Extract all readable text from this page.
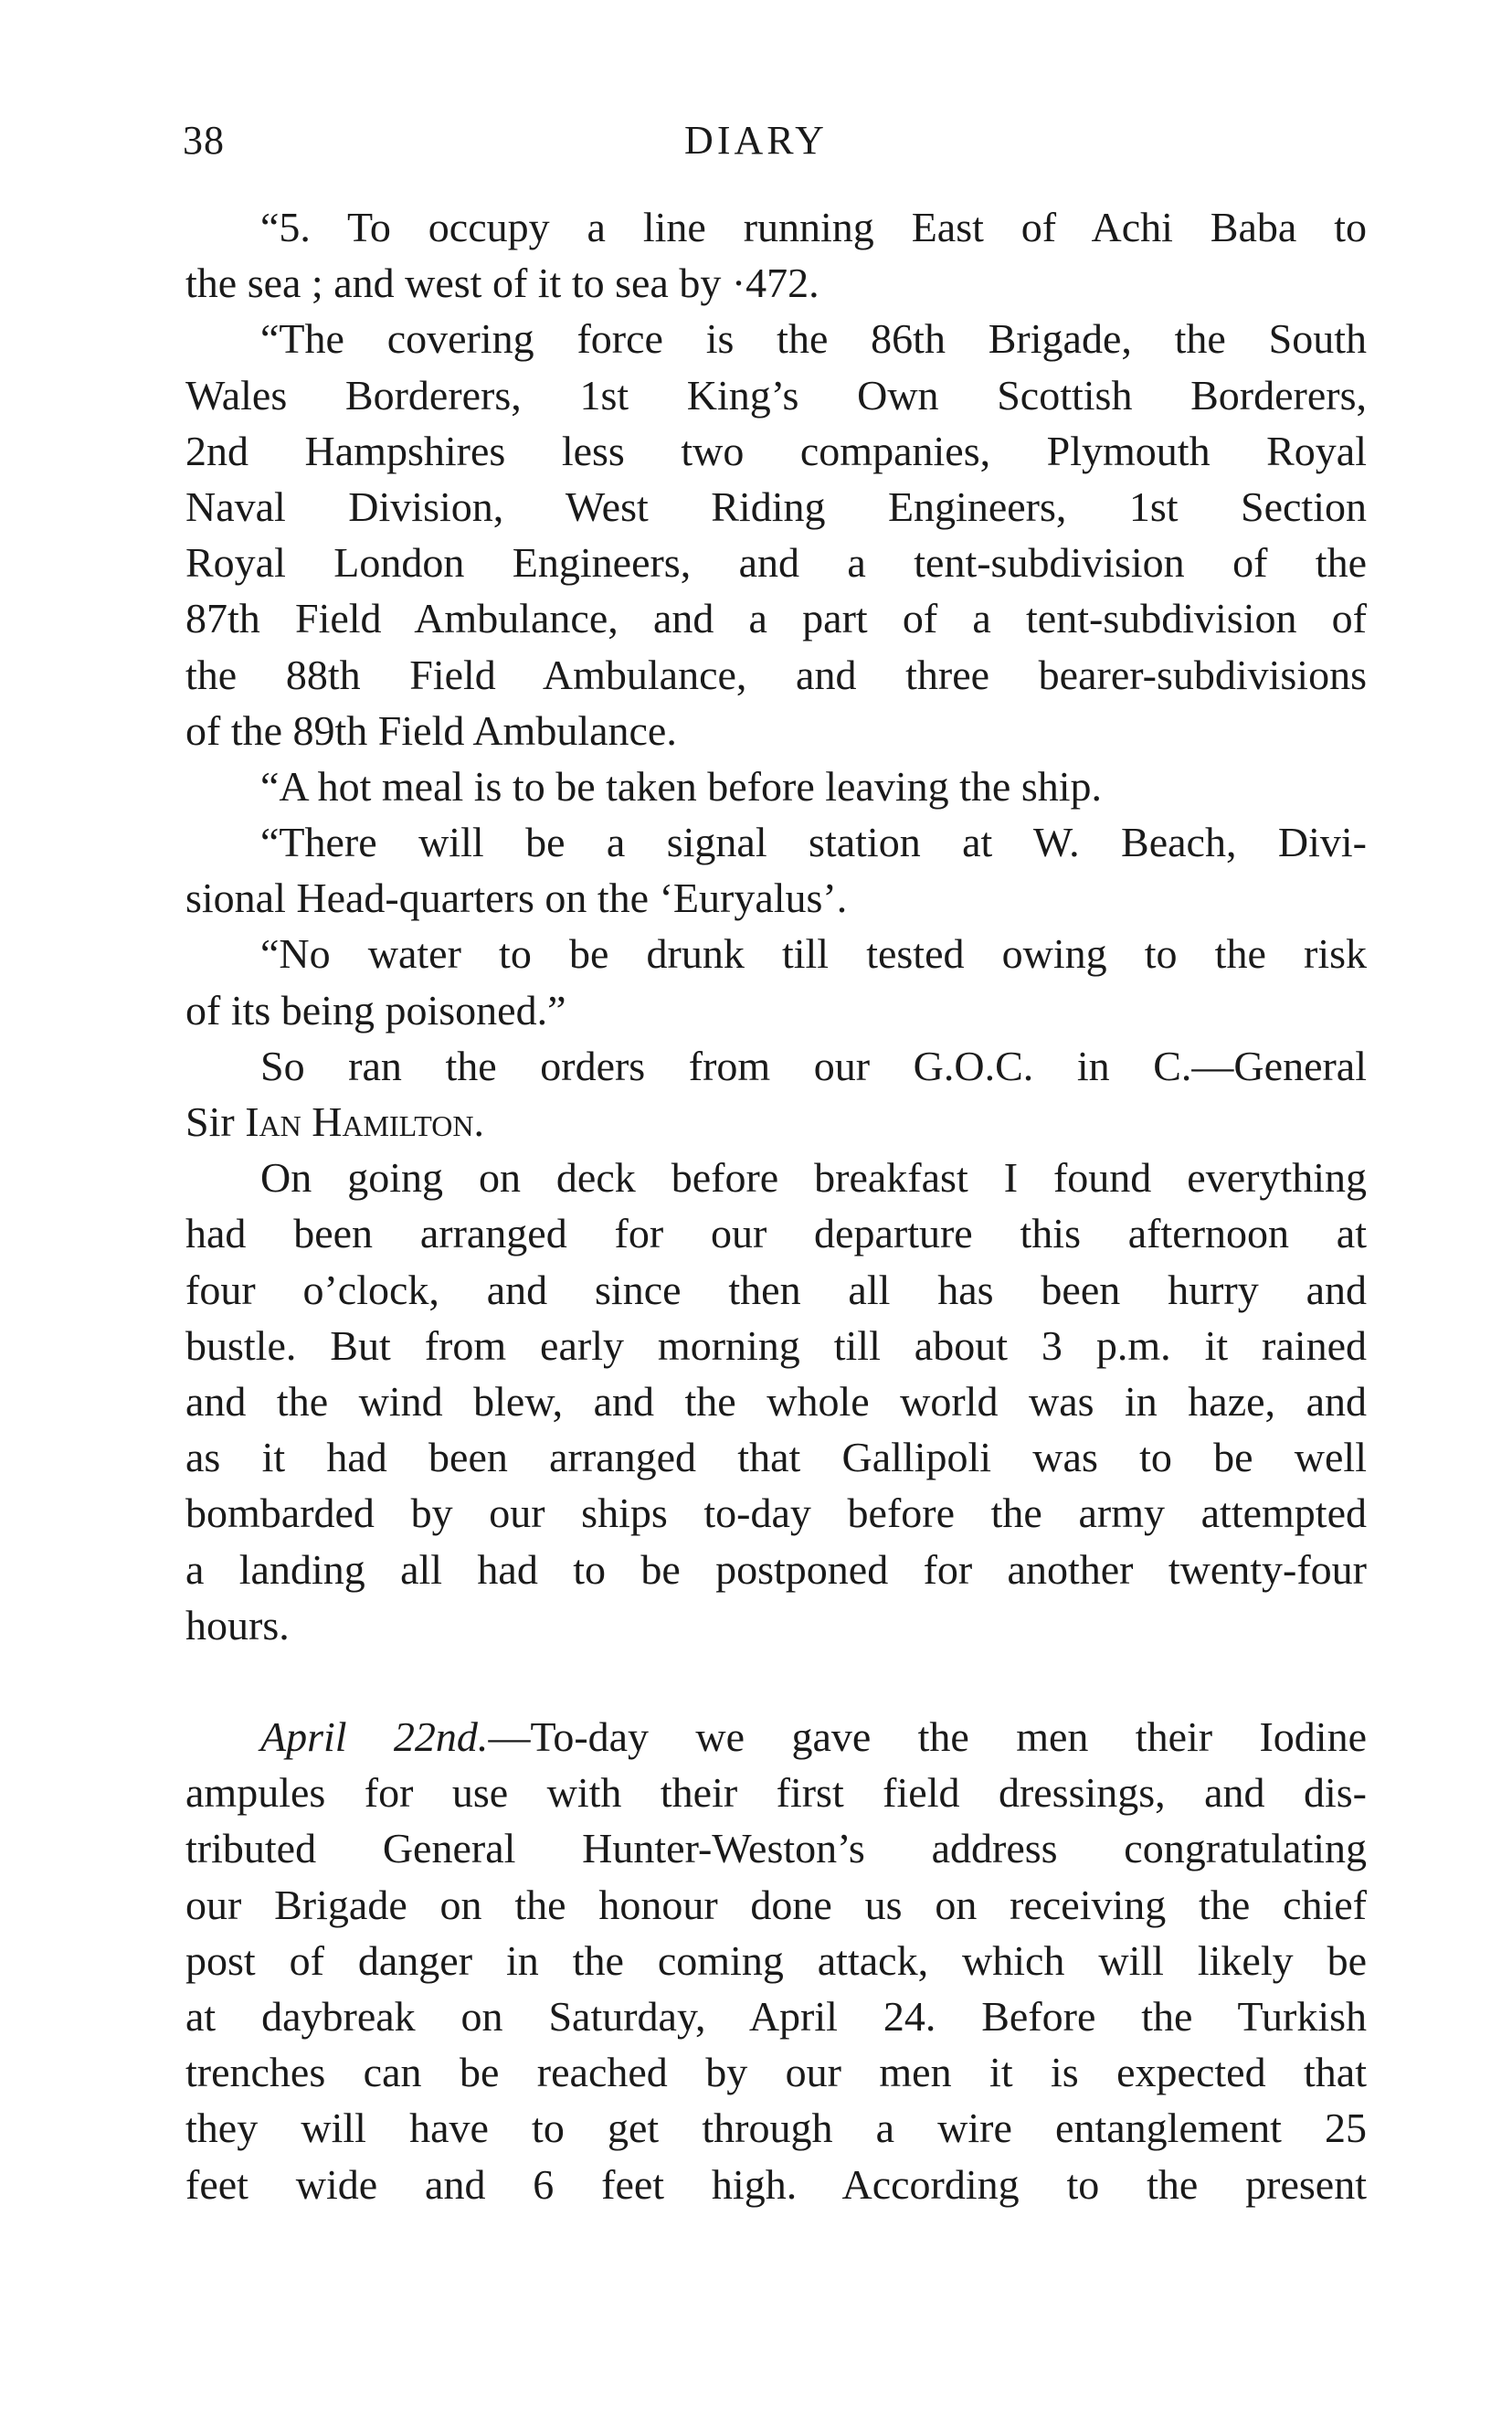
38	DIARY
“5. To occupy a line running East of Achi Baba to
the sea ; and west of it to sea by ·472.
“The covering force is the 86th Brigade, the South
Wales Borderers, 1st King’s Own Scottish Borderers,
2nd Hampshires less two companies, Plymouth Royal
Naval Division, West Riding Engineers, 1st Section
Royal London Engineers, and a tent-subdivision of the
87th Field Ambulance, and a part of a tent-subdivision of
the 88th Field Ambulance, and three bearer-subdivisions
of the 89th Field Ambulance.
“A hot meal is to be taken before leaving the ship.
“There will be a signal station at W. Beach, Divi-
sional Head-quarters on the ‘Euryalus’.
“No water to be drunk till tested owing to the risk
of its being poisoned.”
So ran the orders from our G.O.C. in C.—General
Sir Ian Hamilton.
On going on deck before breakfast I found everything
had been arranged for our departure this afternoon at
four o’clock, and since then all has been hurry and
bustle. But from early morning till about 3 p.m. it rained
and the wind blew, and the whole world was in haze, and
as it had been arranged that Gallipoli was to be well
bombarded by our ships to-day before the army attempted
a landing all had to be postponed for another twenty-four
hours.
April 22nd.—To-day we gave the men their Iodine
ampules for use with their first field dressings, and dis-
tributed General Hunter-Weston’s address congratulating
our Brigade on the honour done us on receiving the chief
post of danger in the coming attack, which will likely be
at daybreak on Saturday, April 24. Before the Turkish
trenches can be reached by our men it is expected that
they will have to get through a wire entanglement 25
feet wide and 6 feet high. According to the present
